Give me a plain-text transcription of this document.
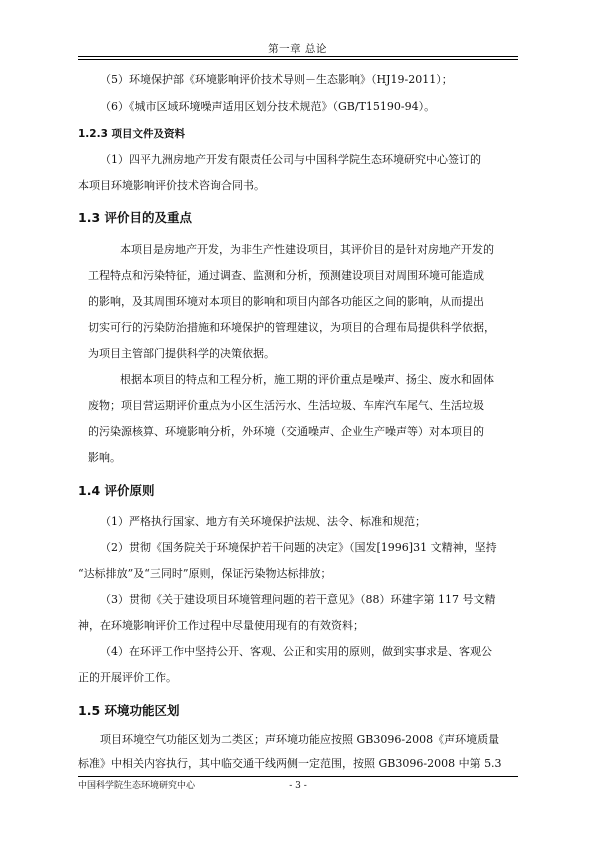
第一章 总论
（5）环境保护部《环境影响评价技术导则－生态影响》（HJ19-2011）；
（6）《城市区域环境噪声适用区划分技术规范》（GB/T15190-94）。
1.2.3 项目文件及资料
（1）四平九洲房地产开发有限责任公司与中国科学院生态环境研究中心签订的
本项目环境影响评价技术咨询合同书。
1.3 评价目的及重点
本项目是房地产开发，为非生产性建设项目，其评价目的是针对房地产开发的
工程特点和污染特征，通过调查、监测和分析，预测建设项目对周围环境可能造成
的影响，及其周围环境对本项目的影响和项目内部各功能区之间的影响，从而提出
切实可行的污染防治措施和环境保护的管理建议，为项目的合理布局提供科学依据，
为项目主管部门提供科学的决策依据。
根据本项目的特点和工程分析，施工期的评价重点是噪声、扬尘、废水和固体
废物；项目营运期评价重点为小区生活污水、生活垃圾、车库汽车尾气、生活垃圾
的污染源核算、环境影响分析，外环境（交通噪声、企业生产噪声等）对本项目的
影响。
1.4 评价原则
（1）严格执行国家、地方有关环境保护法规、法令、标准和规范；
（2）贯彻《国务院关于环境保护若干问题的决定》（国发[1996]31 文精神，坚持
“达标排放”及“三同时”原则，保证污染物达标排放；
（3）贯彻《关于建设项目环境管理问题的若干意见》（88）环建字第 117 号文精
神，在环境影响评价工作过程中尽量使用现有的有效资料；
（4）在环评工作中坚持公开、客观、公正和实用的原则，做到实事求是、客观公
正的开展评价工作。
1.5 环境功能区划
项目环境空气功能区划为二类区；声环境功能应按照 GB3096-2008《声环境质量
标准》中相关内容执行，其中临交通干线两侧一定范围，按照 GB3096-2008 中第 5.3
中国科学院生态环境研究中心	- 3 -
